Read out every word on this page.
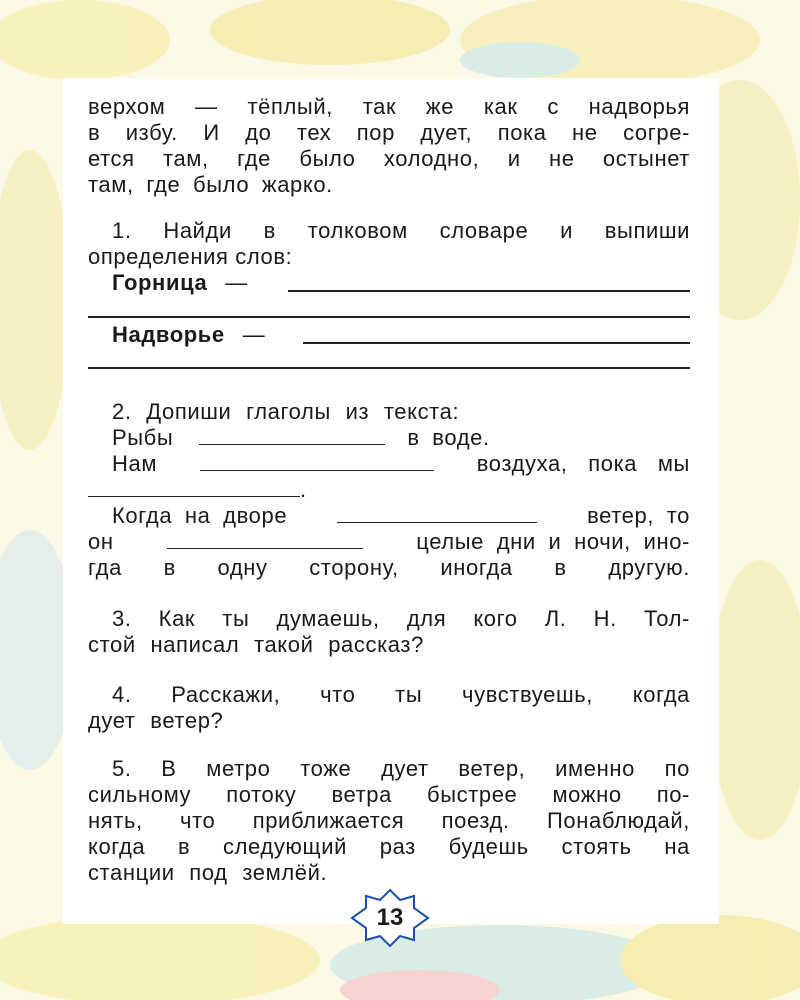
верхом — тёплый, так же как с надворья

в избу. И до тех пор дует, пока не согре-

ется там, где было холодно, и не остынет

там, где было жарко.

1. Найди в толковом словаре и выпиши

определения слов:

Горница —
Надворье —

2. Допиши глаголы из текста:

Рыбы	в воде.
Нам	воздуха, пока мы
.
Когда на дворе	ветер, то
он	целые дни и ночи, ино-

гда в одну сторону, иногда в другую.

3. Как ты думаешь, для кого Л. Н. Тол-

стой написал такой рассказ?

4. Расскажи, что ты чувствуешь, когда

дует ветер?

5. В метро тоже дует ветер, именно по

сильному потоку ветра быстрее можно по-

нять, что приближается поезд. Понаблюдай,

когда в следующий раз будешь стоять на

станции под землёй.

13
